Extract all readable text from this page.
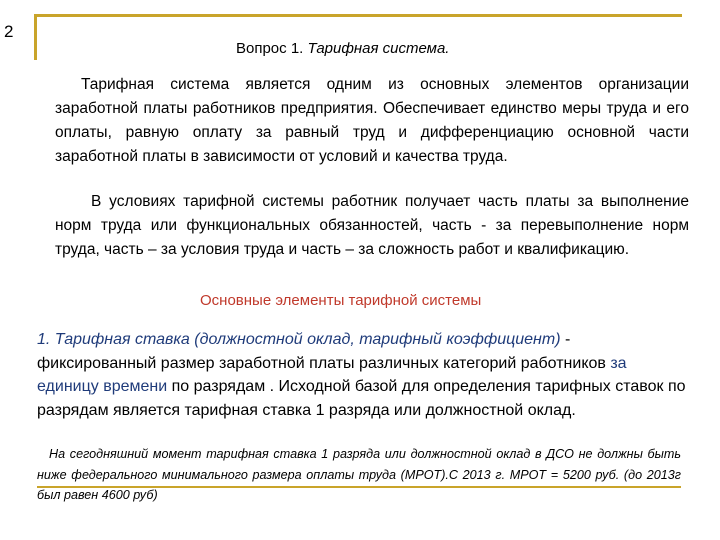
2
Вопрос 1. Тарифная система.
Тарифная система является одним из основных элементов организации заработной платы работников предприятия. Обеспечивает единство меры труда и его оплаты, равную оплату за равный труд и дифференциацию основной части заработной платы в зависимости от условий и качества труда.
В условиях тарифной системы работник получает часть платы за выполнение норм труда или функциональных обязанностей, часть - за перевыполнение норм труда, часть – за условия труда и часть – за сложность работ и квалификацию.
Основные элементы тарифной системы
1. Тарифная ставка (должностной оклад, тарифный коэффициент) - фиксированный размер заработной платы различных категорий работников за единицу времени по разрядам . Исходной базой для определения тарифных ставок по разрядам является тарифная ставка 1 разряда или должностной оклад.
На сегодняшний момент тарифная ставка 1 разряда или должностной оклад в ДСО не должны быть ниже федерального минимального размера оплаты труда (МРОТ).С 2013 г. МРОТ = 5200 руб. (до 2013г был равен 4600 руб)
